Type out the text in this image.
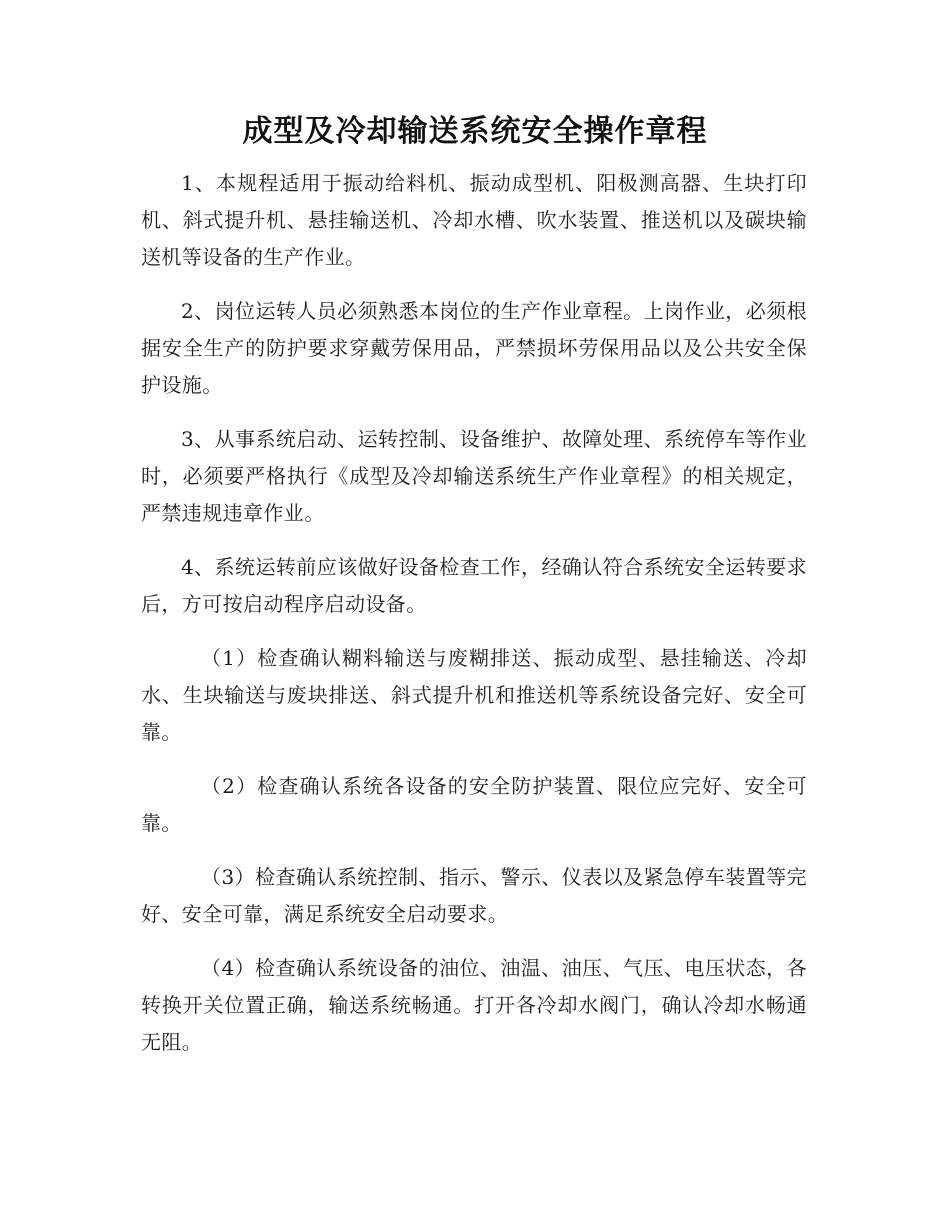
成型及冷却输送系统安全操作章程

1、本规程适用于振动给料机、振动成型机、阳极测高器、生块打印机、斜式提升机、悬挂输送机、冷却水槽、吹水装置、推送机以及碳块输送机等设备的生产作业。

2、岗位运转人员必须熟悉本岗位的生产作业章程。上岗作业，必须根据安全生产的防护要求穿戴劳保用品，严禁损坏劳保用品以及公共安全保护设施。

3、从事系统启动、运转控制、设备维护、故障处理、系统停车等作业时，必须要严格执行《成型及冷却输送系统生产作业章程》的相关规定，严禁违规违章作业。

4、系统运转前应该做好设备检查工作，经确认符合系统安全运转要求后，方可按启动程序启动设备。

（1）检查确认糊料输送与废糊排送、振动成型、悬挂输送、冷却水、生块输送与废块排送、斜式提升机和推送机等系统设备完好、安全可靠。

（2）检查确认系统各设备的安全防护装置、限位应完好、安全可靠。

（3）检查确认系统控制、指示、警示、仪表以及紧急停车装置等完好、安全可靠，满足系统安全启动要求。

（4）检查确认系统设备的油位、油温、油压、气压、电压状态，各转换开关位置正确，输送系统畅通。打开各冷却水阀门，确认冷却水畅通无阻。
